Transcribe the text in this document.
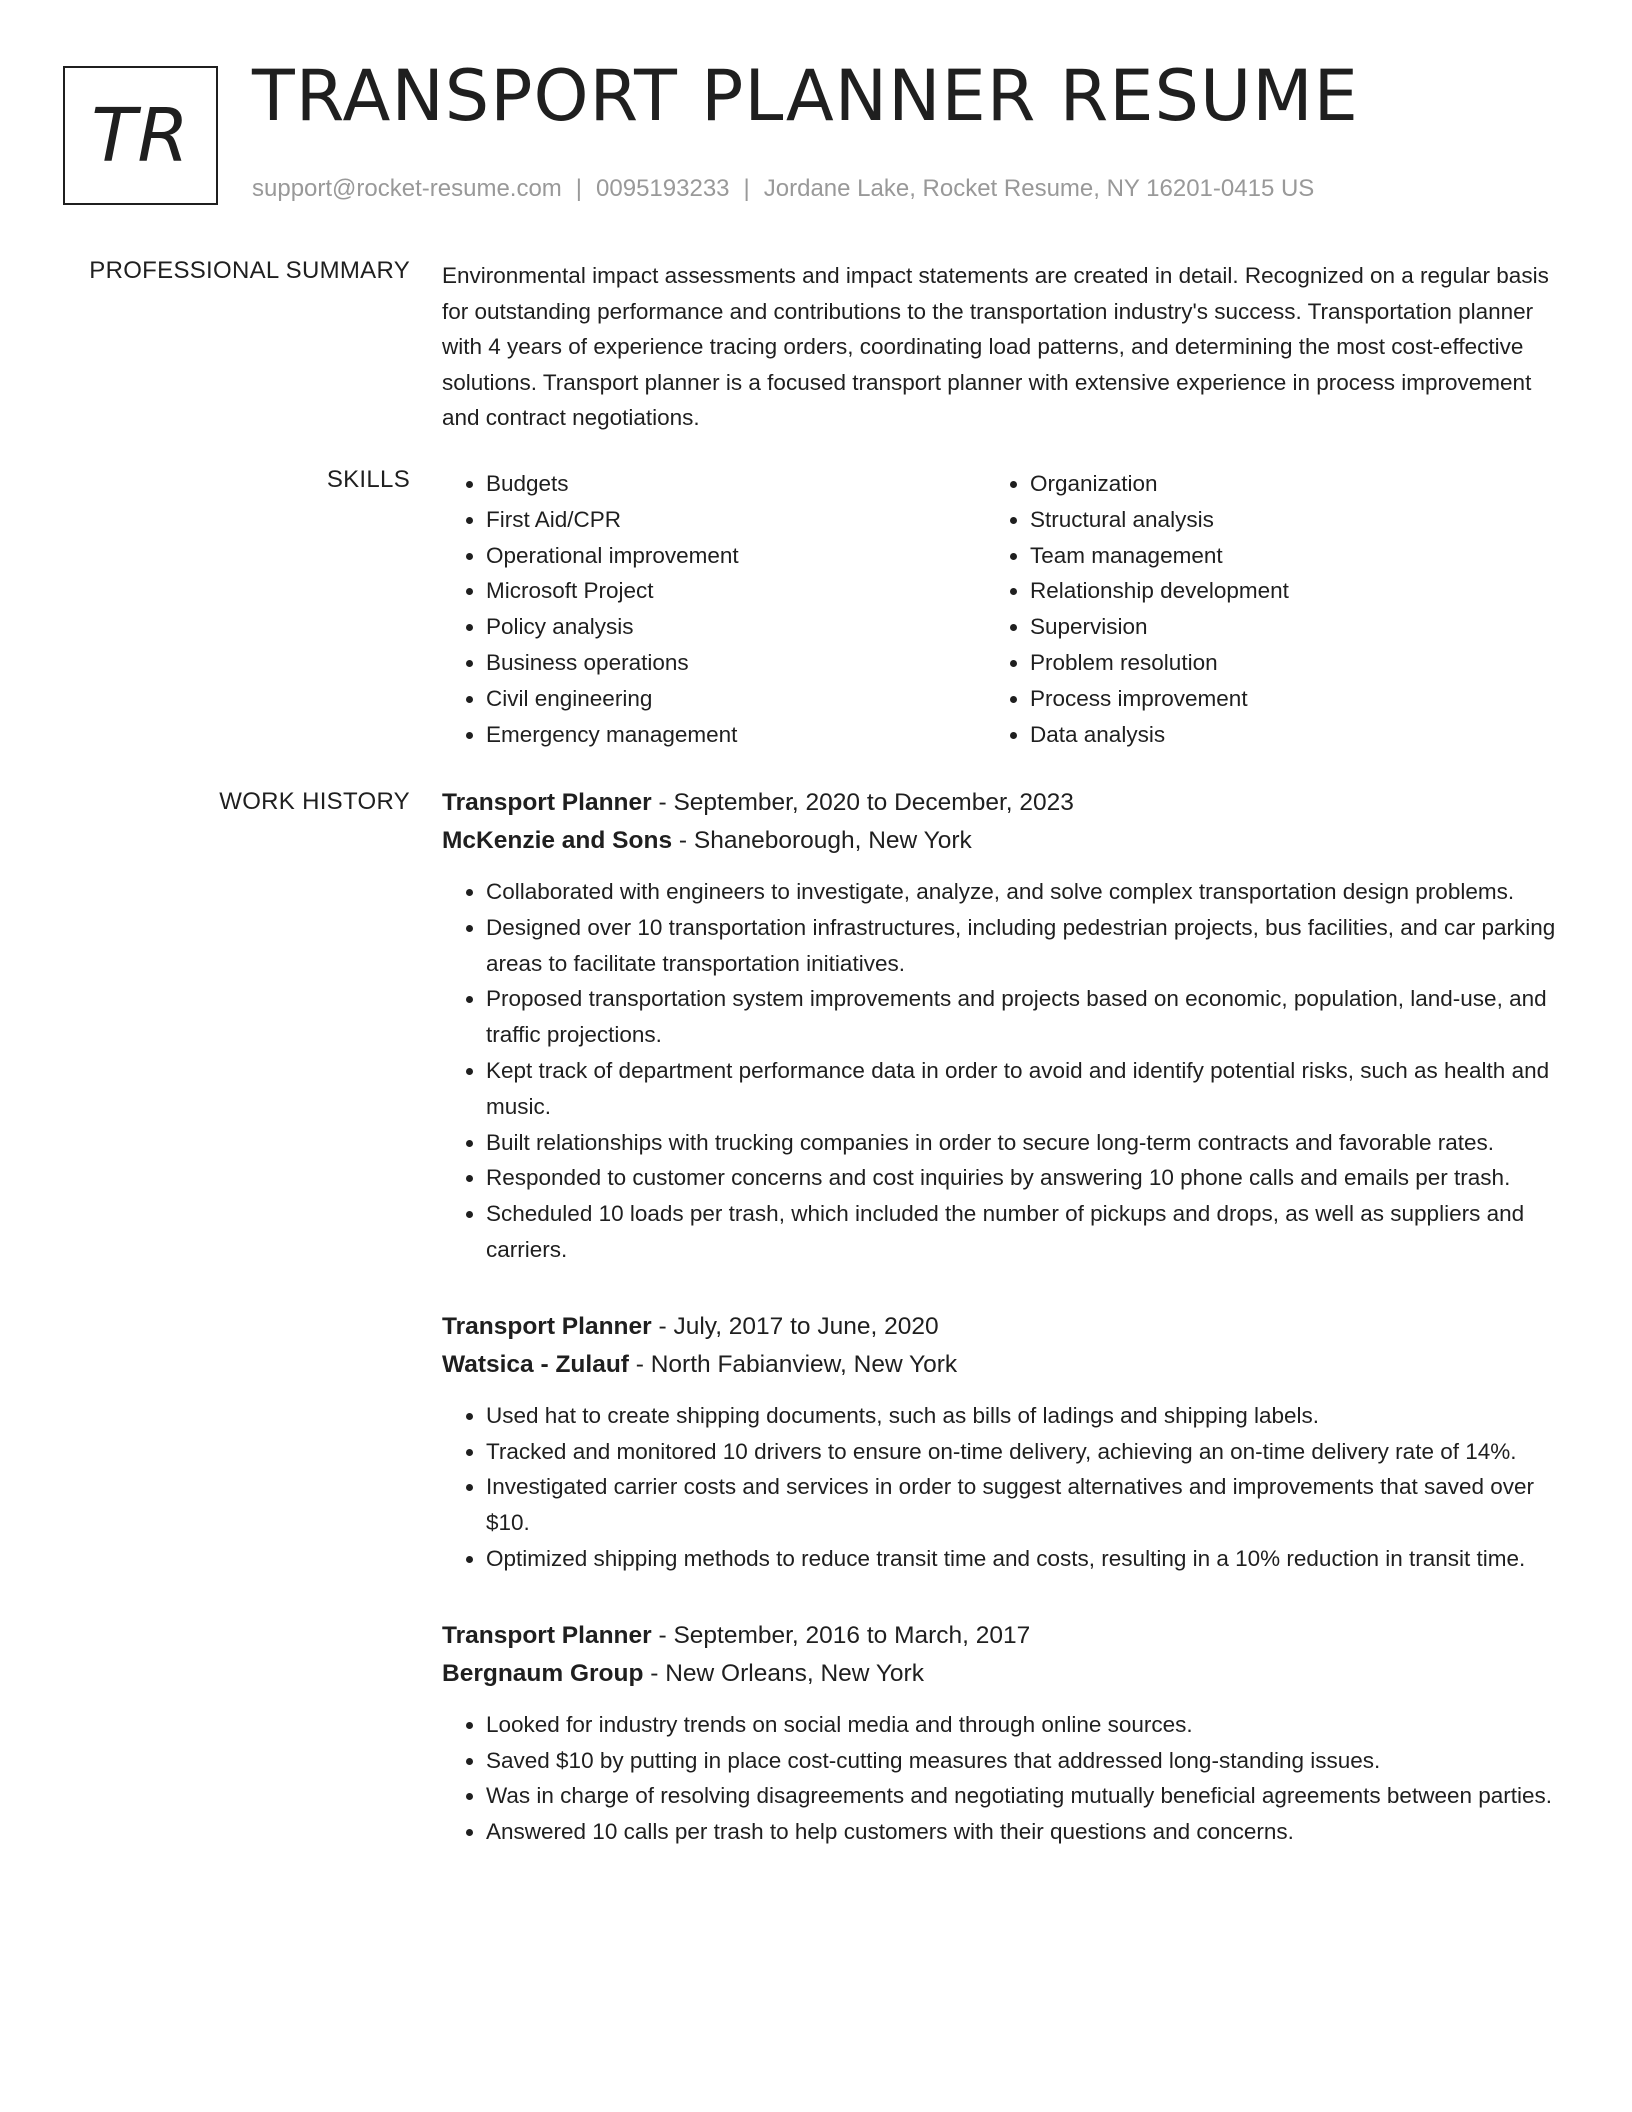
TR TRANSPORT PLANNER RESUME
support@rocket-resume.com | 0095193233 | Jordane Lake, Rocket Resume, NY 16201-0415 US
PROFESSIONAL SUMMARY Environmental impact assessments and impact statements are created in detail. Recognized on a regular basis for outstanding performance and contributions to the transportation industry's success. Transportation planner with 4 years of experience tracing orders, coordinating load patterns, and determining the most cost-effective solutions. Transport planner is a focused transport planner with extensive experience in process improvement and contract negotiations.

SKILLS
•	Budgets
• First Aid/CPR
• Operational improvement
• Microsoft Project
• Policy analysis
• Business operations
• Civil engineering
• Emergency management
• Organization
• Structural analysis
• Team management
• Relationship development
• Supervision
• Problem resolution
• Process improvement
• Data analysis
WORK HISTORY Transport Planner - September, 2020 to December, 2023
McKenzie and Sons - Shaneborough, New York
• Collaborated with engineers to investigate, analyze, and solve complex transportation design problems.
• Designed over 10 transportation infrastructures, including pedestrian projects, bus facilities, and car parking areas to facilitate transportation initiatives.
• Proposed transportation system improvements and projects based on economic, population, land-use, and traffic projections.
• Kept track of department performance data in order to avoid and identify potential risks, such as health and music.
• Built relationships with trucking companies in order to secure long-term contracts and favorable rates.
• Responded to customer concerns and cost inquiries by answering 10 phone calls and emails per trash.
• Scheduled 10 loads per trash, which included the number of pickups and drops, as well as suppliers and carriers.
Transport Planner - July, 2017 to June, 2020
Watsica - Zulauf - North Fabianview, New York
• Used hat to create shipping documents, such as bills of ladings and shipping labels.
• Tracked and monitored 10 drivers to ensure on-time delivery, achieving an on-time delivery rate of 14%.
• Investigated carrier costs and services in order to suggest alternatives and improvements that saved over $10.
• Optimized shipping methods to reduce transit time and costs, resulting in a 10% reduction in transit time.
Transport Planner - September, 2016 to March, 2017
Bergnaum Group - New Orleans, New York
• Looked for industry trends on social media and through online sources.
• Saved $10 by putting in place cost-cutting measures that addressed long-standing issues.
• Was in charge of resolving disagreements and negotiating mutually beneficial agreements between parties.
• Answered 10 calls per trash to help customers with their questions and concerns.
